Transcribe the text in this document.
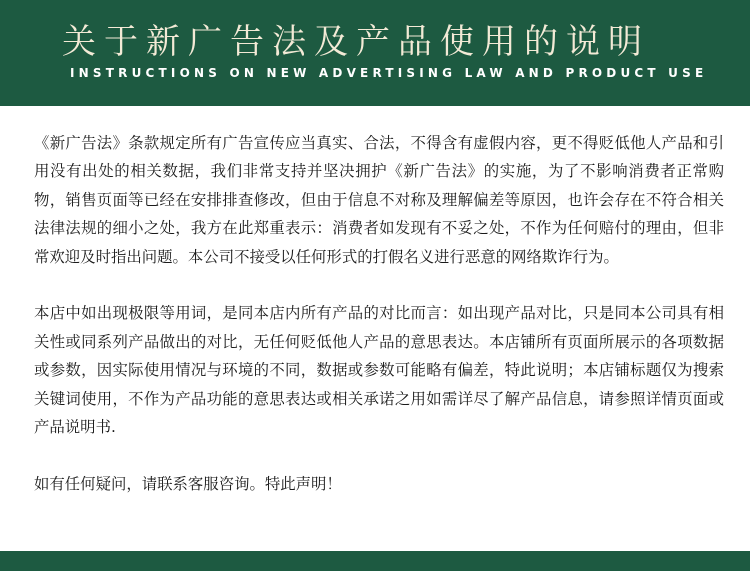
关于新广告法及产品使用的说明
INSTRUCTIONS ON NEW ADVERTISING LAW AND PRODUCT USE

《新广告法》条款规定所有广告宣传应当真实、合法，不得含有虚假内容，更不得贬低他人产品和引用没有出处的相关数据，我们非常支持并坚决拥护《新广告法》的实施，为了不影响消费者正常购物，销售页面等已经在安排排查修改，但由于信息不对称及理解偏差等原因，也许会存在不符合相关法律法规的细小之处，我方在此郑重表示：消费者如发现有不妥之处，不作为任何赔付的理由，但非常欢迎及时指出问题。本公司不接受以任何形式的打假名义进行恶意的网络欺诈行为。

本店中如出现极限等用词，是同本店内所有产品的对比而言：如出现产品对比，只是同本公司具有相关性或同系列产品做出的对比，无任何贬低他人产品的意思表达。本店铺所有页面所展示的各项数据或参数，因实际使用情况与环境的不同，数据或参数可能略有偏差，特此说明；本店铺标题仅为搜索关键词使用，不作为产品功能的意思表达或相关承诺之用如需详尽了解产品信息，请参照详情页面或产品说明书.

如有任何疑问，请联系客服咨询。特此声明！
